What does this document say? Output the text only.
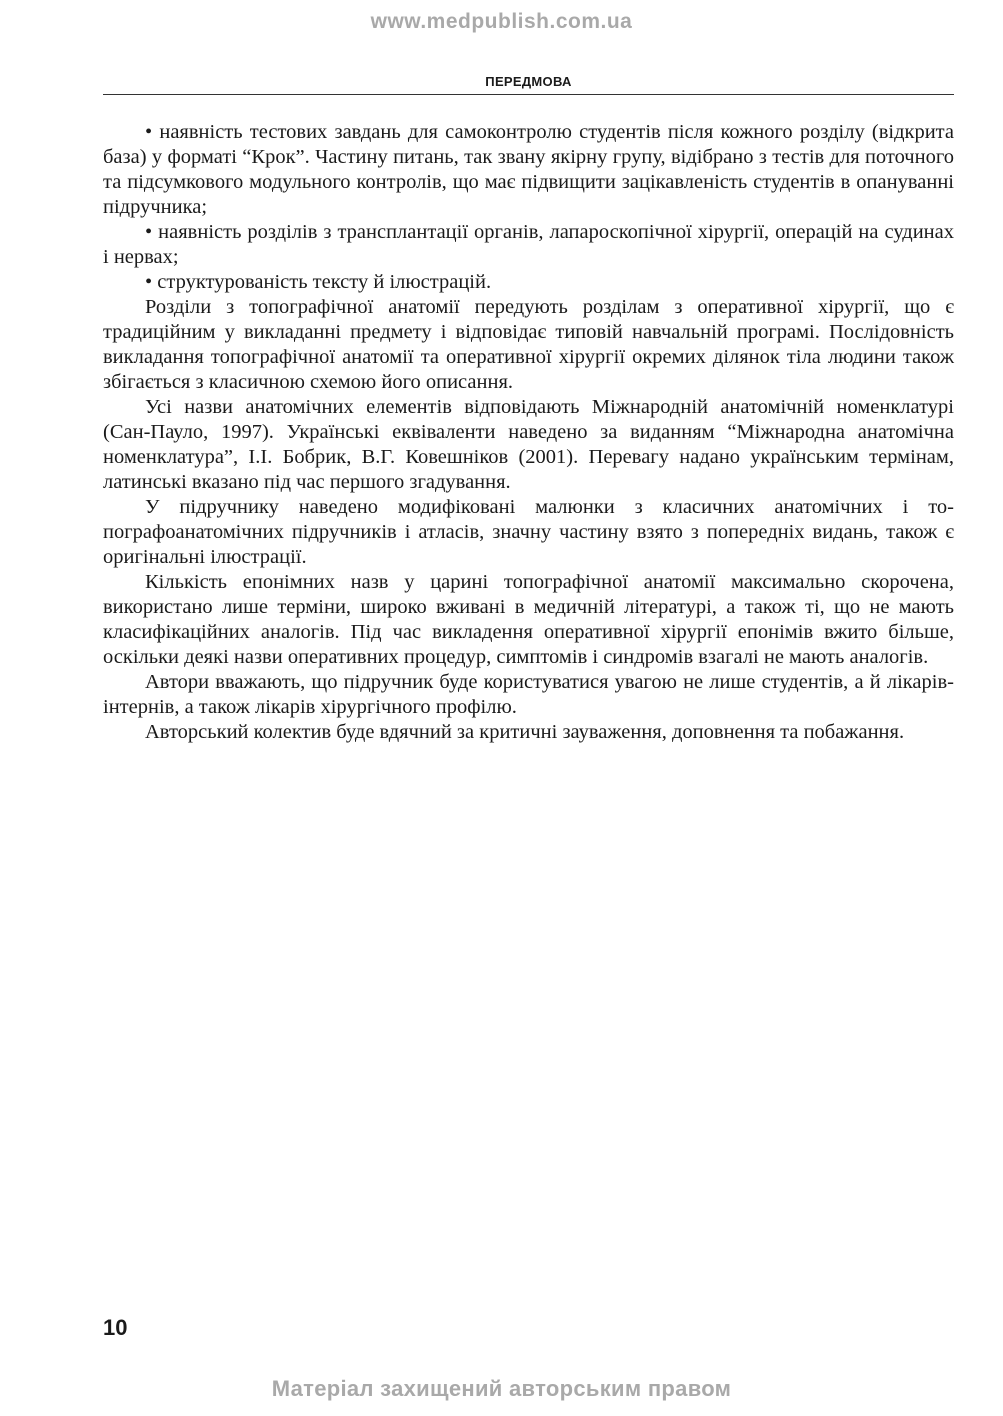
www.medpublish.com.ua
ПЕРЕДМОВА

• наявність тестових завдань для самоконтролю студентів після кожного розділу (відкрита база) у форматі “Крок”. Частину питань, так звану якірну групу, відібрано з тестів для поточного та підсумкового модульного контролів, що має підвищити зацікавленість студентів в опануванні підручника;

• наявність розділів з трансплантації органів, лапароскопічної хірургії, операцій на судинах і нервах;

• структурованість тексту й ілюстрацій.

Розділи з топографічної анатомії передують розділам з оперативної хірургії, що є традиційним у викладанні предмету і відповідає типовій навчальній програмі. Послідовність викладання топографічної анатомії та оперативної хірургії окремих ділянок тіла людини також збігається з класичною схемою його описання.

Усі назви анатомічних елементів відповідають Міжнародній анатомічній номенклатурі (Сан-Пауло, 1997). Українські еквіваленти наведено за виданням “Міжнародна анатомічна номенклатура”, І.І. Бобрик, В.Г. Ковешніков (2001). Перевагу надано українським термінам, латинські вказано під час першого згадування.

У підручнику наведено модифіковані малюнки з класичних анатомічних і топографоанатомічних підручників і атласів, значну частину взято з попередніх видань, також є оригінальні ілюстрації.

Кількість епонімних назв у царині топографічної анатомії максимально скорочена, використано лише терміни, широко вживані в медичній літературі, а також ті, що не мають класифікаційних аналогів. Під час викладення оперативної хірургії епонімів вжито більше, оскільки деякі назви оперативних процедур, симптомів і синдромів взагалі не мають аналогів.

Автори вважають, що підручник буде користуватися увагою не лише студентів, а й лікарів-інтернів, а також лікарів хірургічного профілю.

Авторський колектив буде вдячний за критичні зауваження, доповнення та побажання.

10
Матеріал захищений авторським правом
